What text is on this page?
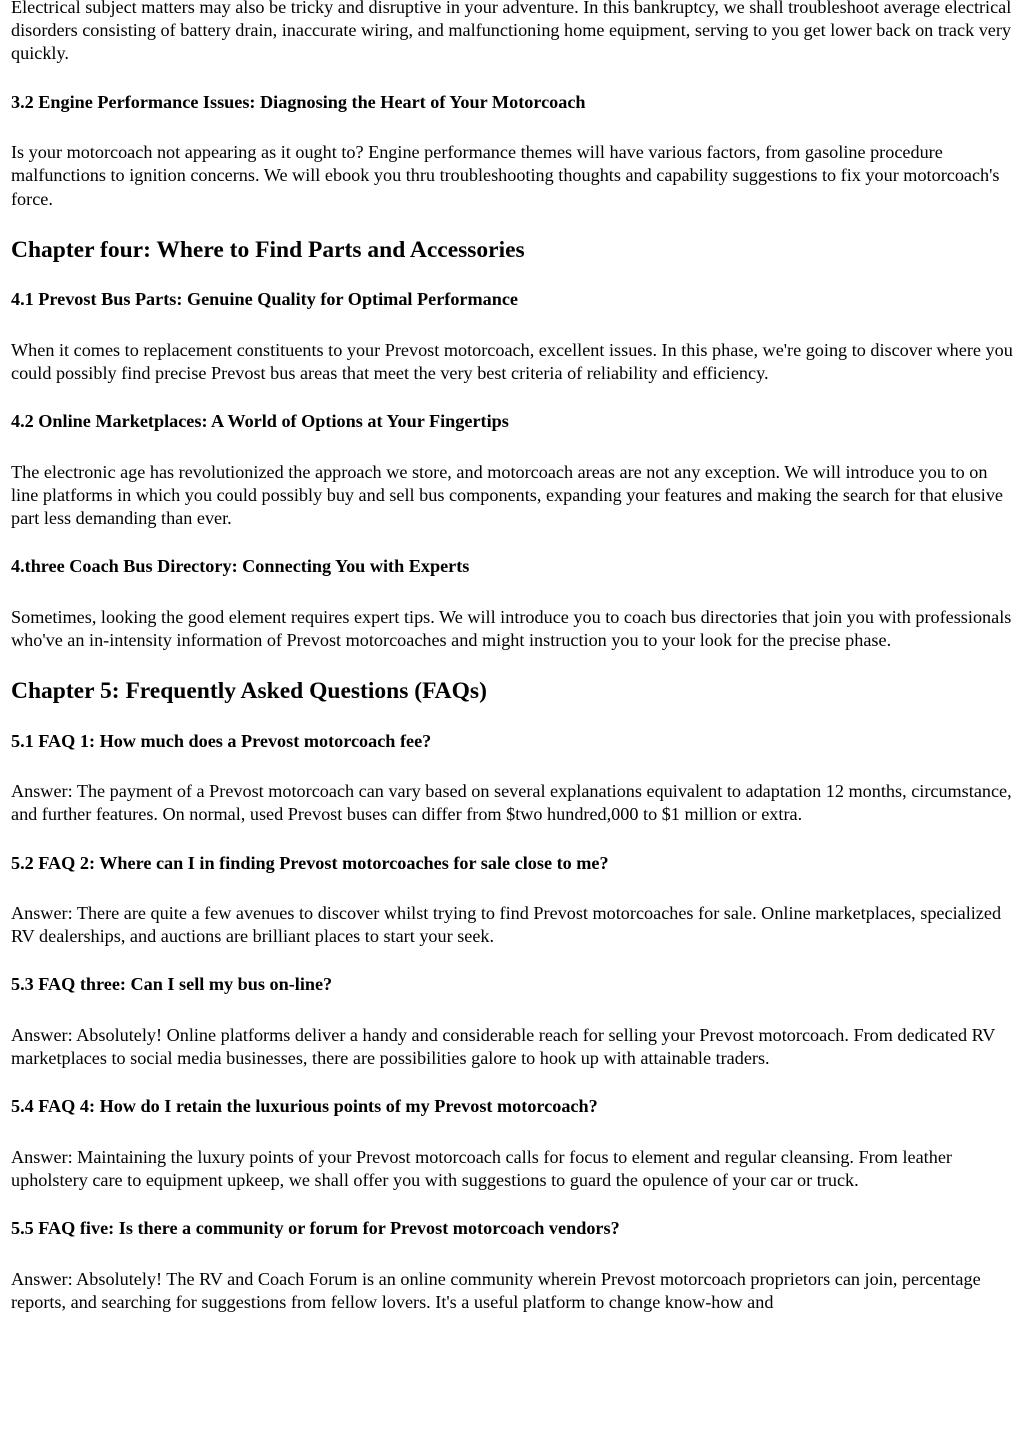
Electrical subject matters may also be tricky and disruptive in your adventure. In this bankruptcy, we shall troubleshoot average electrical disorders consisting of battery drain, inaccurate wiring, and malfunctioning home equipment, serving to you get lower back on track very quickly.

3.2 Engine Performance Issues: Diagnosing the Heart of Your Motorcoach

Is your motorcoach not appearing as it ought to? Engine performance themes will have various factors, from gasoline procedure malfunctions to ignition concerns. We will ebook you thru troubleshooting thoughts and capability suggestions to fix your motorcoach's force.

Chapter four: Where to Find Parts and Accessories
4.1 Prevost Bus Parts: Genuine Quality for Optimal Performance

When it comes to replacement constituents to your Prevost motorcoach, excellent issues. In this phase, we're going to discover where you could possibly find precise Prevost bus areas that meet the very best criteria of reliability and efficiency.

4.2 Online Marketplaces: A World of Options at Your Fingertips

The electronic age has revolutionized the approach we store, and motorcoach areas are not any exception. We will introduce you to on line platforms in which you could possibly buy and sell bus components, expanding your features and making the search for that elusive part less demanding than ever.

4.three Coach Bus Directory: Connecting You with Experts

Sometimes, looking the good element requires expert tips. We will introduce you to coach bus directories that join you with professionals who've an in-intensity information of Prevost motorcoaches and might instruction you to your look for the precise phase.

Chapter 5: Frequently Asked Questions (FAQs)
5.1 FAQ 1: How much does a Prevost motorcoach fee?

Answer: The payment of a Prevost motorcoach can vary based on several explanations equivalent to adaptation 12 months, circumstance, and further features. On normal, used Prevost buses can differ from $two hundred,000 to $1 million or extra.

5.2 FAQ 2: Where can I in finding Prevost motorcoaches for sale close to me?

Answer: There are quite a few avenues to discover whilst trying to find Prevost motorcoaches for sale. Online marketplaces, specialized RV dealerships, and auctions are brilliant places to start your seek.

5.3 FAQ three: Can I sell my bus on-line?

Answer: Absolutely! Online platforms deliver a handy and considerable reach for selling your Prevost motorcoach. From dedicated RV marketplaces to social media businesses, there are possibilities galore to hook up with attainable traders.

5.4 FAQ 4: How do I retain the luxurious points of my Prevost motorcoach?

Answer: Maintaining the luxury points of your Prevost motorcoach calls for focus to element and regular cleansing. From leather upholstery care to equipment upkeep, we shall offer you with suggestions to guard the opulence of your car or truck.

5.5 FAQ five: Is there a community or forum for Prevost motorcoach vendors?

Answer: Absolutely! The RV and Coach Forum is an online community wherein Prevost motorcoach proprietors can join, percentage reports, and searching for suggestions from fellow lovers. It's a useful platform to change know-how and
